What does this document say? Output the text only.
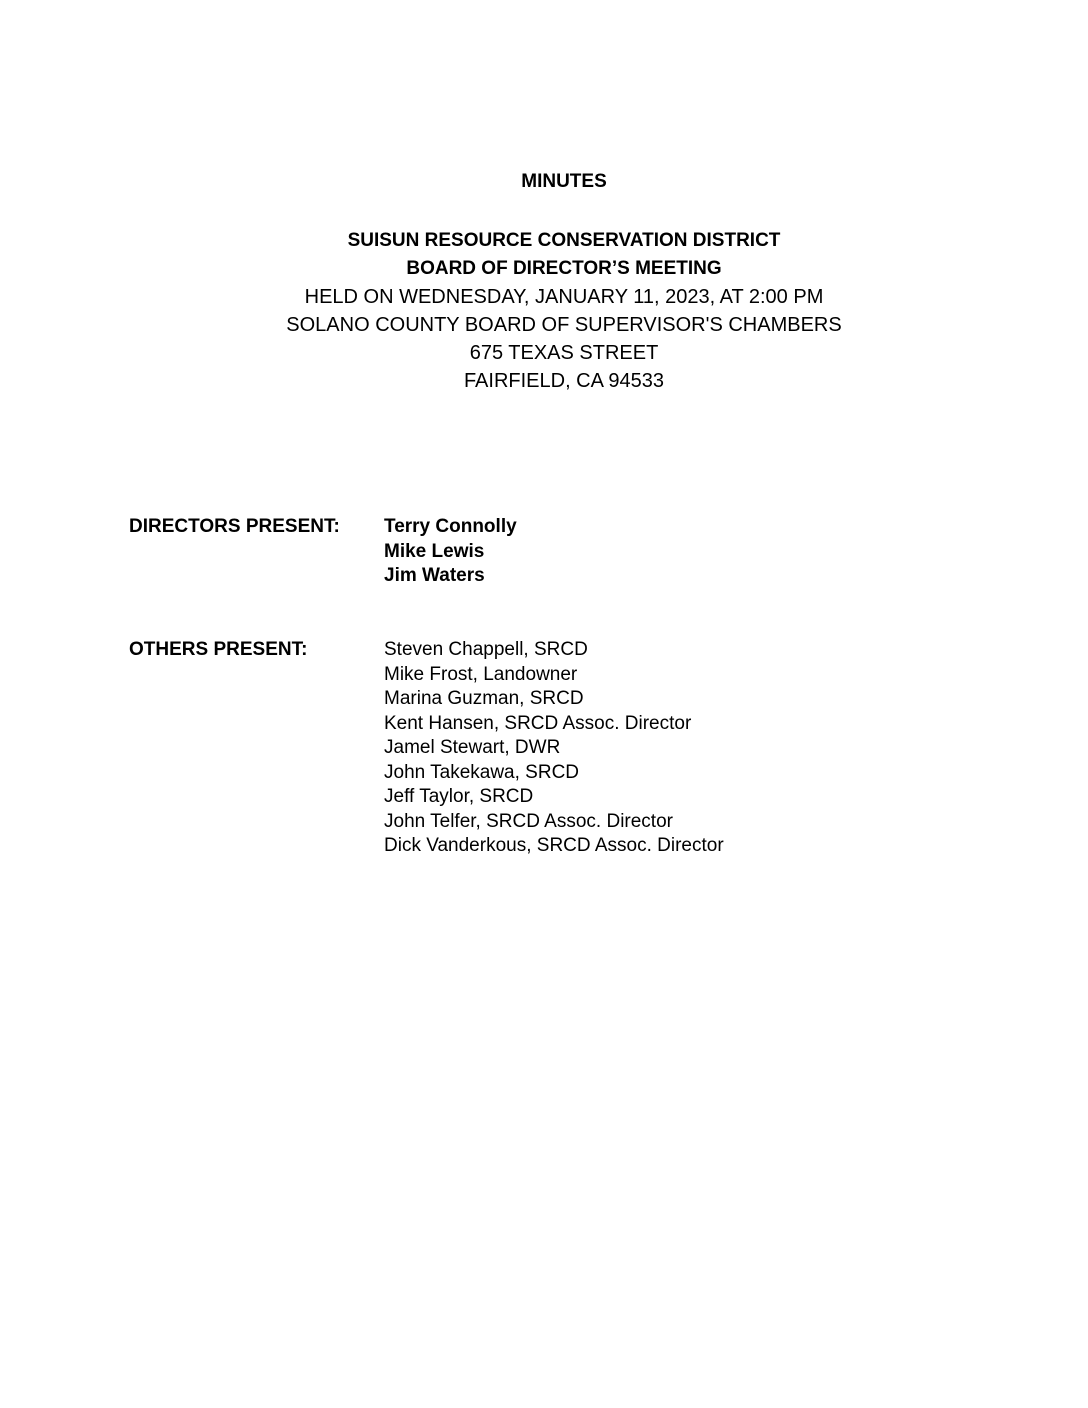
MINUTES
SUISUN RESOURCE CONSERVATION DISTRICT
BOARD OF DIRECTOR’S MEETING
HELD ON WEDNESDAY, JANUARY 11, 2023, AT 2:00 PM
SOLANO COUNTY BOARD OF SUPERVISOR'S CHAMBERS
675 TEXAS STREET
FAIRFIELD, CA 94533
DIRECTORS PRESENT: Terry Connolly
Mike Lewis
Jim Waters
OTHERS PRESENT:	Steven Chappell, SRCD
Mike Frost, Landowner
Marina Guzman, SRCD
Kent Hansen, SRCD Assoc. Director
Jamel Stewart, DWR
John Takekawa, SRCD
Jeff Taylor, SRCD
John Telfer, SRCD Assoc. Director
Dick Vanderkous, SRCD Assoc. Director
